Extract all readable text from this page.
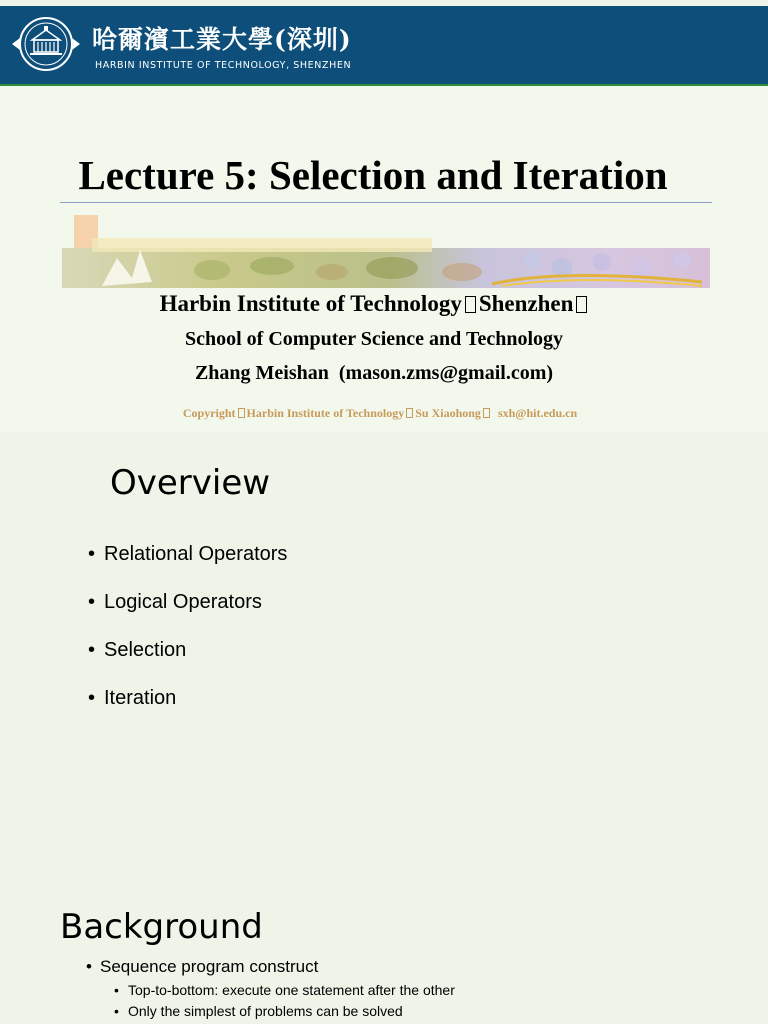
哈爾濱工業大學(深圳)
HARBIN INSTITUTE OF TECHNOLOGY, SHENZHEN
Lecture 5: Selection and Iteration
Harbin Institute of Technology Shenzhen
School of Computer Science and Technology
Zhang Meishan  (mason.zms@gmail.com)

Copyright Harbin Institute of Technology Su Xiaohong  sxh@hit.edu.cn

Overview
• Relational Operators
• Logical Operators
• Selection
• Iteration
Background
• Sequence program construct
• Top-to-bottom: execute one statement after the other
• Only the simplest of problems can be solved
